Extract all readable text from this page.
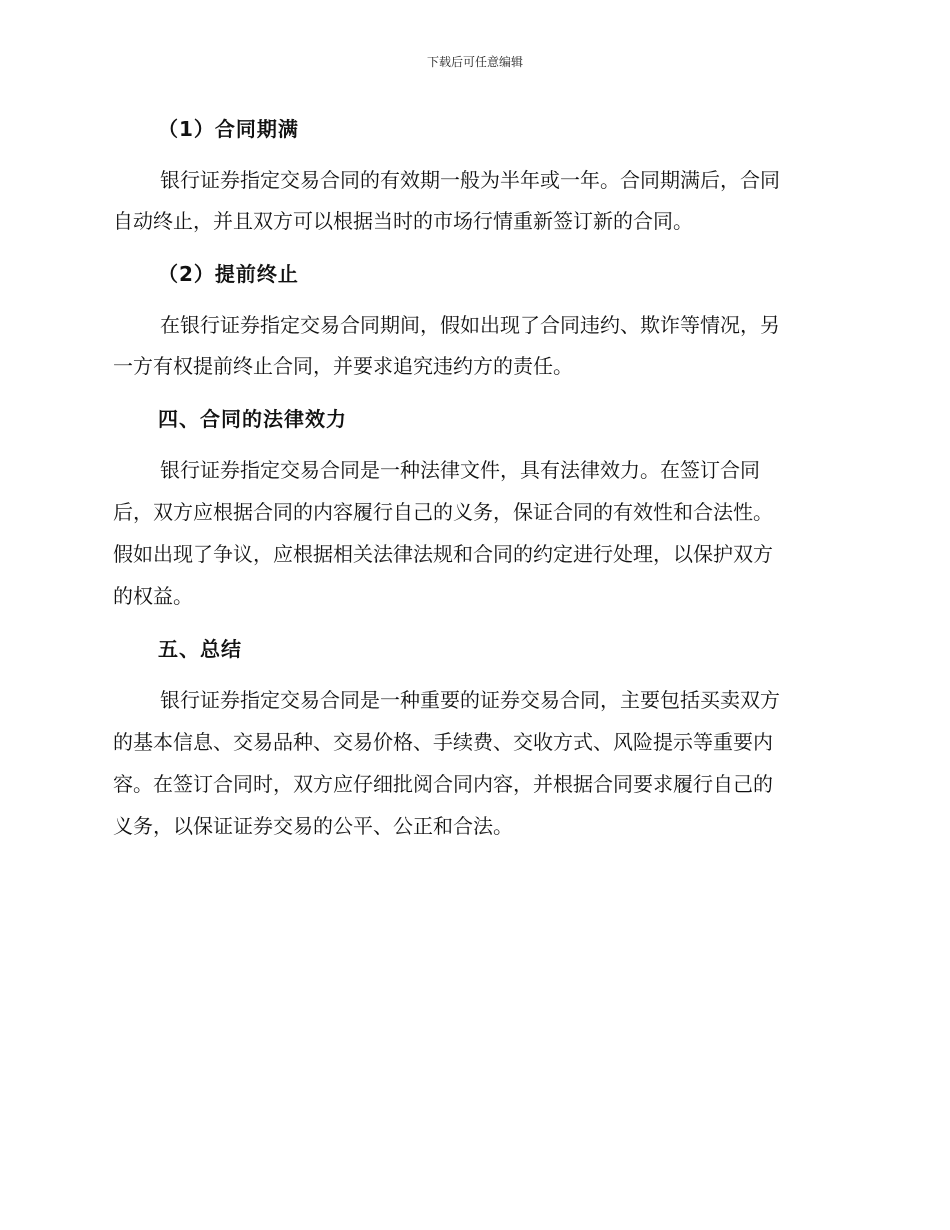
下载后可任意编辑
（1）合同期满
银行证券指定交易合同的有效期一般为半年或一年。合同期满后，合同
自动终止，并且双方可以根据当时的市场行情重新签订新的合同。
（2）提前终止
在银行证券指定交易合同期间，假如出现了合同违约、欺诈等情况，另
一方有权提前终止合同，并要求追究违约方的责任。
四、合同的法律效力
银行证券指定交易合同是一种法律文件，具有法律效力。在签订合同
后，双方应根据合同的内容履行自己的义务，保证合同的有效性和合法性。
假如出现了争议，应根据相关法律法规和合同的约定进行处理，以保护双方
的权益。
五、总结
银行证券指定交易合同是一种重要的证券交易合同，主要包括买卖双方
的基本信息、交易品种、交易价格、手续费、交收方式、风险提示等重要内
容。在签订合同时，双方应仔细批阅合同内容，并根据合同要求履行自己的
义务，以保证证券交易的公平、公正和合法。
